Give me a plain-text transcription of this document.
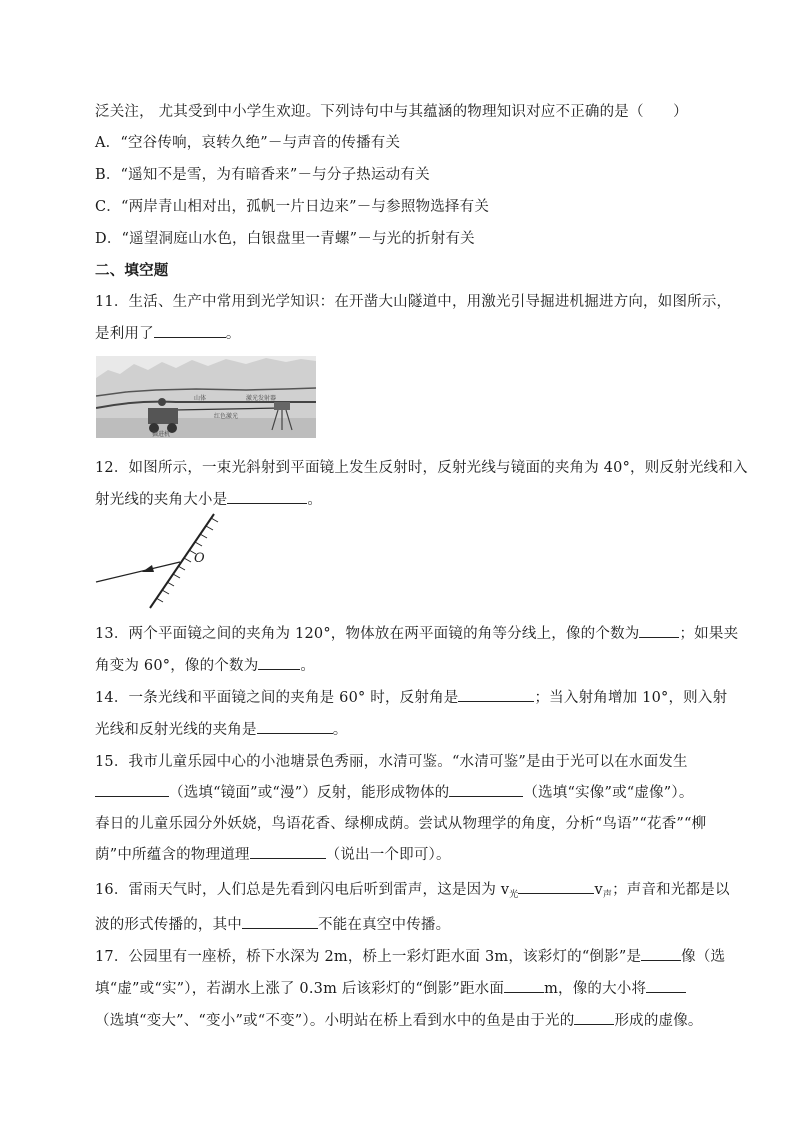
泛关注， 尤其受到中小学生欢迎。下列诗句中与其蕴涵的物理知识对应不正确的是（　　）
A．“空谷传响，哀转久绝”－与声音的传播有关
B．“遥知不是雪，为有暗香来”－与分子热运动有关
C．“两岸青山相对出，孤帆一片日边来”－与参照物选择有关
D．“遥望洞庭山水色，白银盘里一青螺”－与光的折射有关
二、填空题
11．生活、生产中常用到光学知识：在开凿大山隧道中，用激光引导掘进机掘进方向，如图所示，
是利用了	。
山体	激光发射器
红色激光
掘进机
12．如图所示，一束光斜射到平面镜上发生反射时，反射光线与镜面的夹角为 40°，则反射光线和入
射光线的夹角大小是	。
O
13．两个平面镜之间的夹角为 120°，物体放在两平面镜的角等分线上，像的个数为	；如果夹
角变为 60°，像的个数为	。
14．一条光线和平面镜之间的夹角是 60° 时，反射角是	；当入射角增加 10°，则入射
光线和反射光线的夹角是	。
15．我市儿童乐园中心的小池塘景色秀丽，水清可鉴。“水清可鉴”是由于光可以在水面发生
（选填“镜面”或“漫”）反射，能形成物体的	（选填“实像”或“虚像”）。
春日的儿童乐园分外妖娆，鸟语花香、绿柳成荫。尝试从物理学的角度，分析“鸟语”“花香”“柳
荫”中所蕴含的物理道理	（说出一个即可）。
16．雷雨天气时，人们总是先看到闪电后听到雷声，这是因为 $v_光$	$v_声$；声音和光都是以
波的形式传播的，其中	不能在真空中传播。
17．公园里有一座桥，桥下水深为 2m，桥上一彩灯距水面 3m，该彩灯的“倒影”是	像（选
填“虚”或“实”），若湖水上涨了 0.3m 后该彩灯的“倒影”距水面	m，像的大小将
（选填“变大”、“变小”或“不变”）。小明站在桥上看到水中的鱼是由于光的	形成的虚像。
